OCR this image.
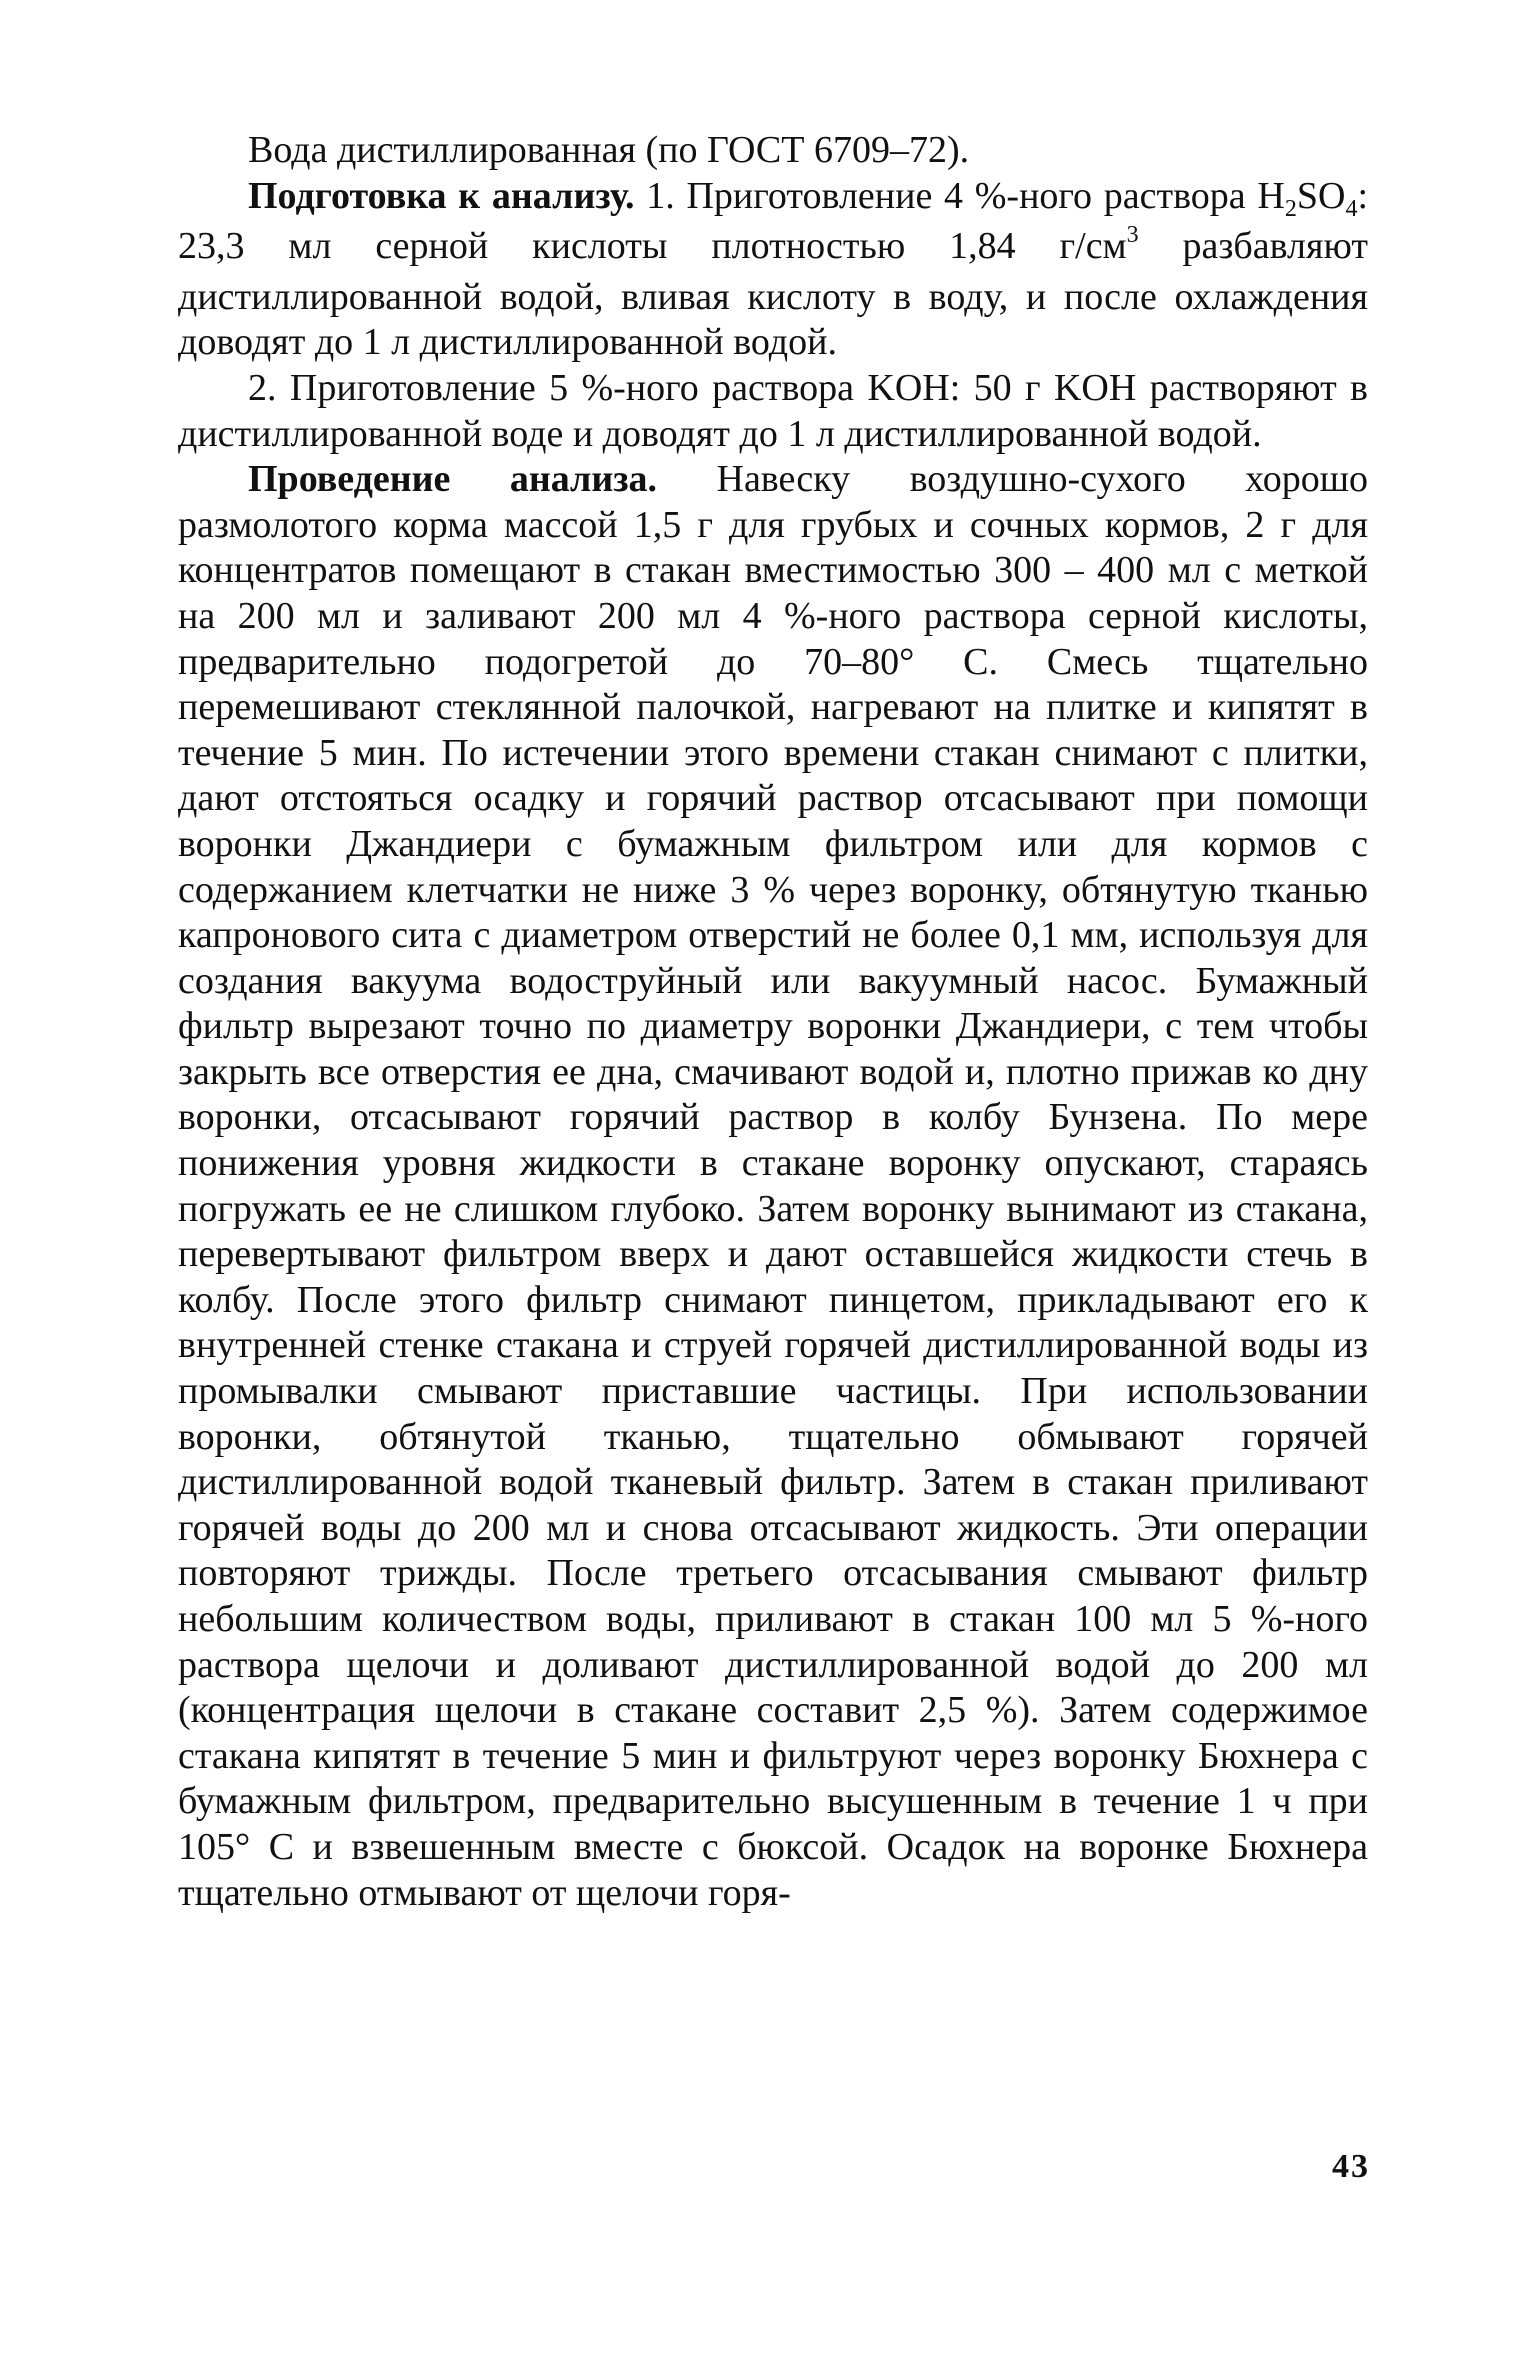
Вода дистиллированная (по ГОСТ 6709–72).

Подготовка к анализу. 1. Приготовление 4 %-ного раствора $H_2SO_4$: 23,3 мл серной кислоты плотностью 1,84 $г/см^3$ разбавляют дистиллированной водой, вливая кислоту в воду, и после охлаждения доводят до 1 л дистиллированной водой.

2. Приготовление 5 %-ного раствора KOH: 50 г KOH растворяют в дистиллированной воде и доводят до 1 л дистиллированной водой.

Проведение анализа. Навеску воздушно-сухого хорошо размолотого корма массой 1,5 г для грубых и сочных кормов, 2 г для концентратов помещают в стакан вместимостью 300 – 400 мл с меткой на 200 мл и заливают 200 мл 4 %-ного раствора серной кислоты, предварительно подогретой до 70–80° С. Смесь тщательно перемешивают стеклянной палочкой, нагревают на плитке и кипятят в течение 5 мин. По истечении этого времени стакан снимают с плитки, дают отстояться осадку и горячий раствор отсасывают при помощи воронки Джандиери с бумажным фильтром или для кормов с содержанием клетчатки не ниже 3 % через воронку, обтянутую тканью капронового сита с диаметром отверстий не более 0,1 мм, используя для создания вакуума водоструйный или вакуумный насос. Бумажный фильтр вырезают точно по диаметру воронки Джандиери, с тем чтобы закрыть все отверстия ее дна, смачивают водой и, плотно прижав ко дну воронки, отсасывают горячий раствор в колбу Бунзена. По мере понижения уровня жидкости в стакане воронку опускают, стараясь погружать ее не слишком глубоко. Затем воронку вынимают из стакана, перевертывают фильтром вверх и дают оставшейся жидкости стечь в колбу. После этого фильтр снимают пинцетом, прикладывают его к внутренней стенке стакана и струей горячей дистиллированной воды из промывалки смывают приставшие частицы. При использовании воронки, обтянутой тканью, тщательно обмывают горячей дистиллированной водой тканевый фильтр. Затем в стакан приливают горячей воды до 200 мл и снова отсасывают жидкость. Эти операции повторяют трижды. После третьего отсасывания смывают фильтр небольшим количеством воды, приливают в стакан 100 мл 5 %-ного раствора щелочи и доливают дистиллированной водой до 200 мл (концентрация щелочи в стакане составит 2,5 %). Затем содержимое стакана кипятят в течение 5 мин и фильтруют через воронку Бюхнера с бумажным фильтром, предварительно высушенным в течение 1 ч при 105° С и взвешенным вместе с бюксой. Осадок на воронке Бюхнера тщательно отмывают от щелочи горя-

43
